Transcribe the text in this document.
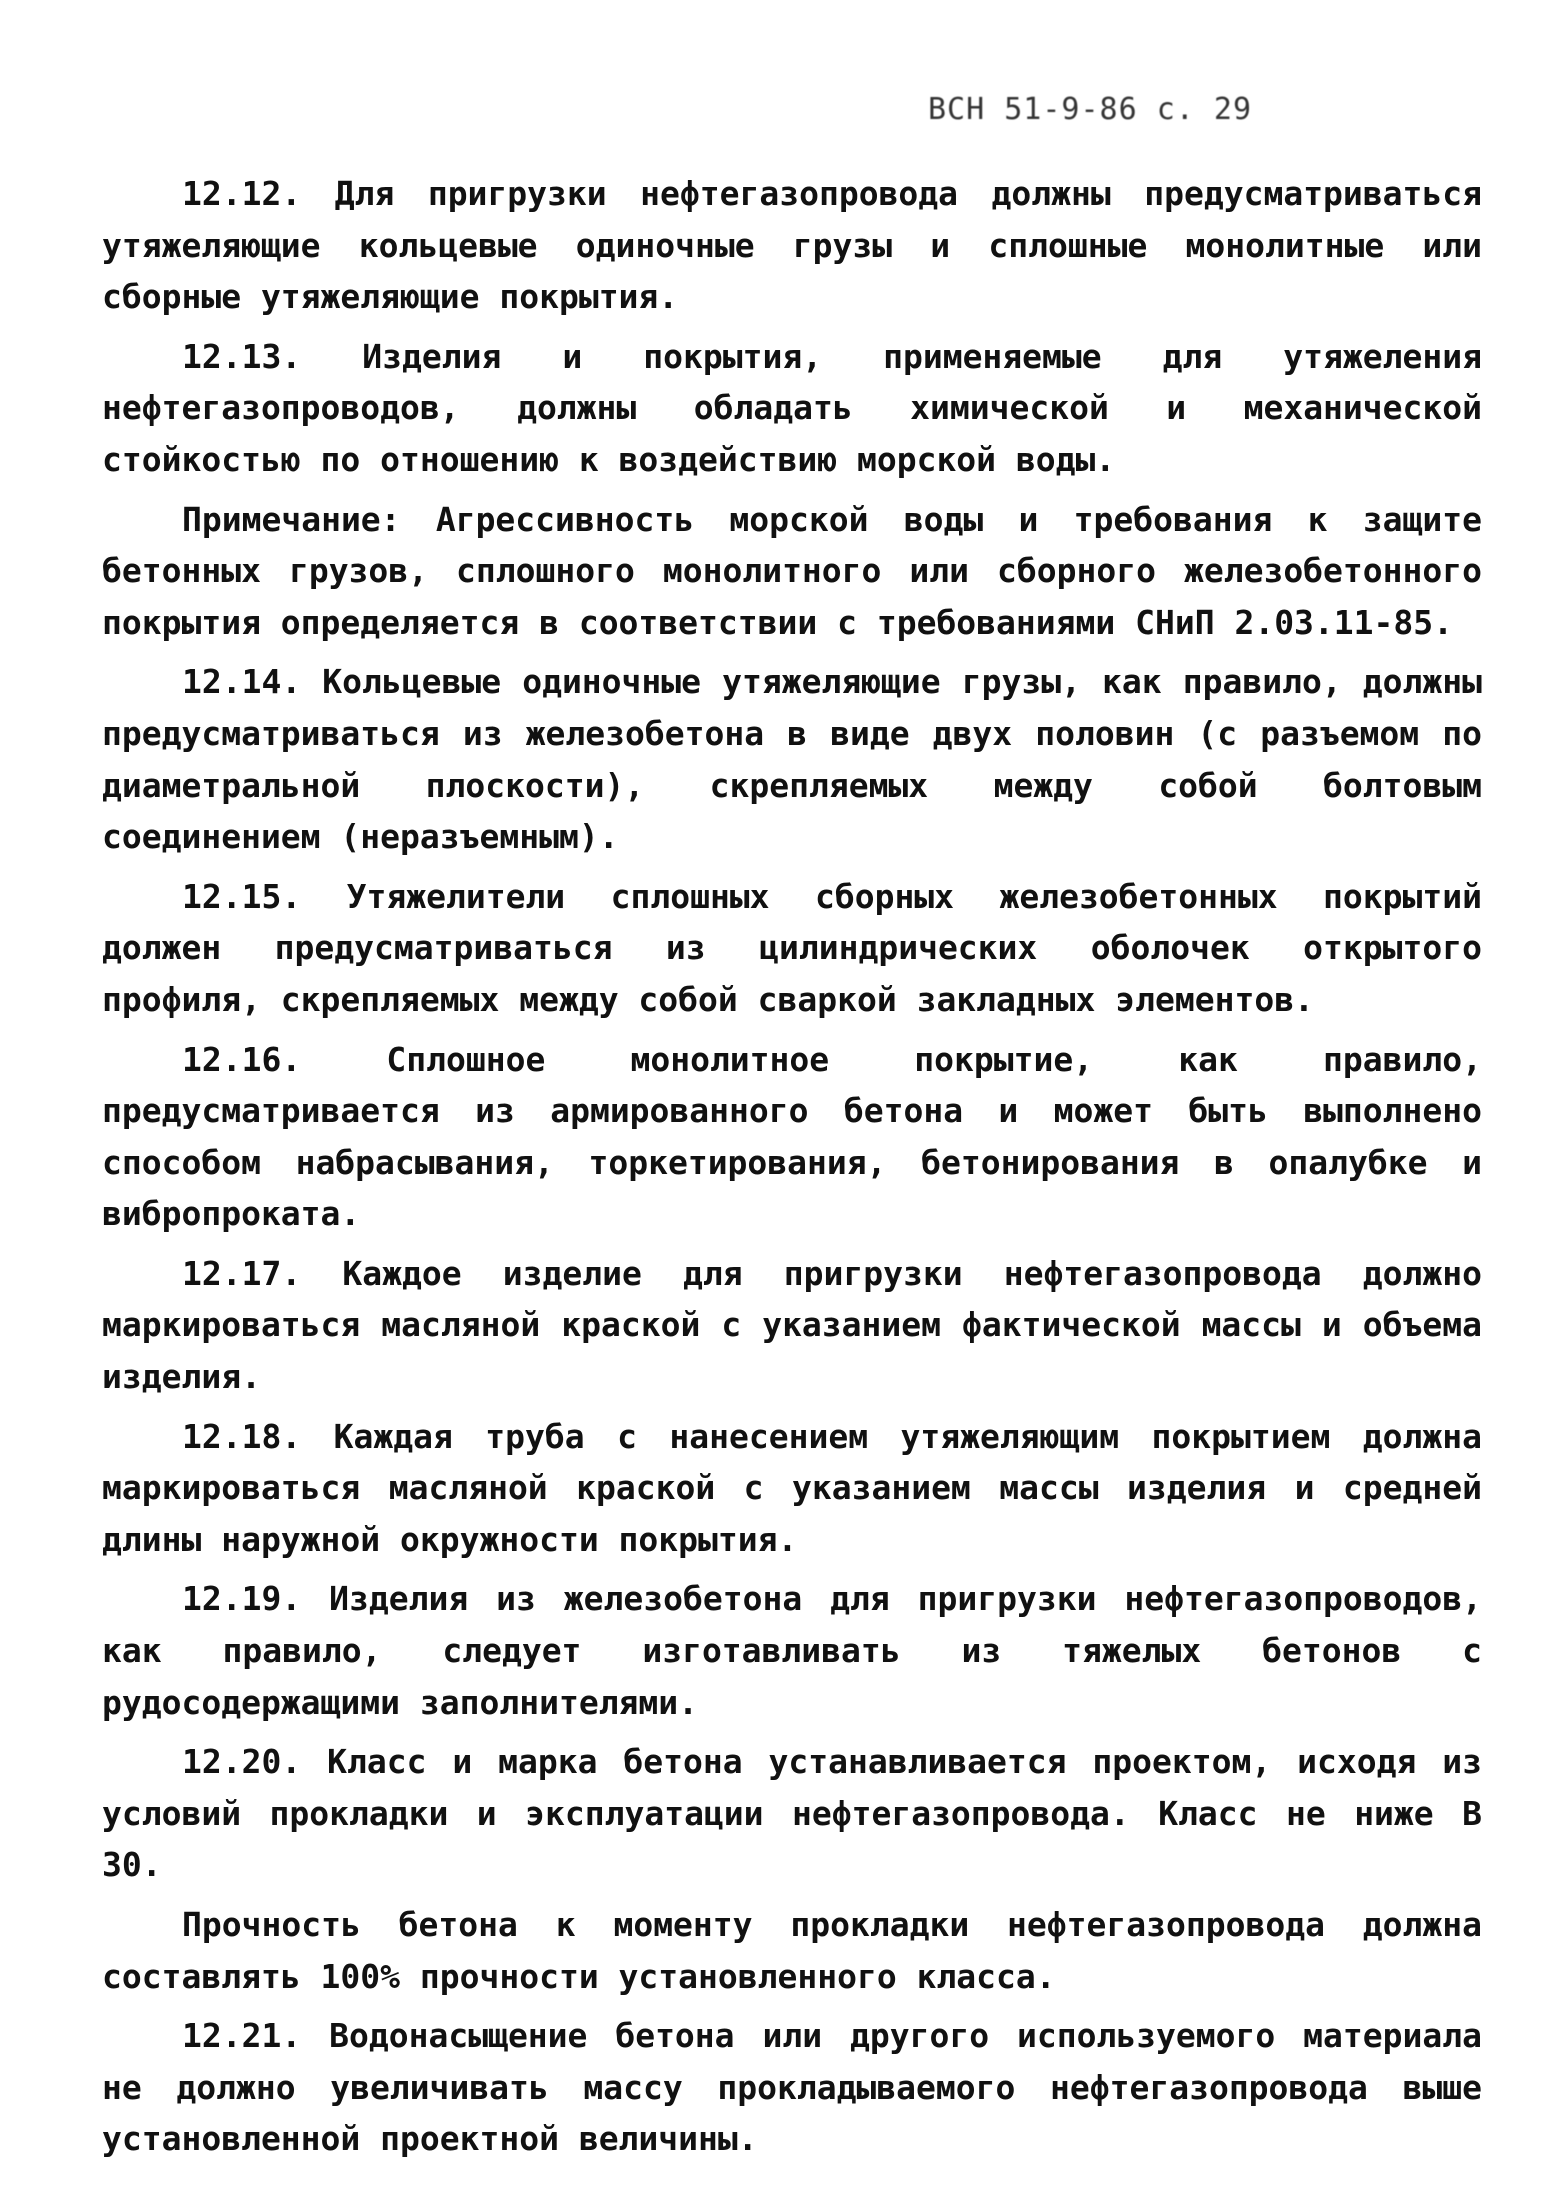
ВСН 51-9-86 с. 29

12.12. Для пригрузки нефтегазопровода должны предусматриваться утяжеляющие кольцевые одиночные грузы и сплошные монолитные или сборные утяжеляющие покрытия.

12.13. Изделия и покрытия, применяемые для утяжеления нефтегазопроводов, должны обладать химической и механической стойкостью по отношению к воздействию морской воды.

Примечание: Агрессивность морской воды и требования к защите бетонных грузов, сплошного монолитного или сборного железобетонного покрытия определяется в соответствии с требованиями СНиП 2.03.11-85.

12.14. Кольцевые одиночные утяжеляющие грузы, как правило, должны предусматриваться из железобетона в виде двух половин (с разъемом по диаметральной плоскости), скрепляемых между собой болтовым соединением (неразъемным).

12.15. Утяжелители сплошных сборных железобетонных покрытий должен предусматриваться из цилиндрических оболочек открытого профиля, скрепляемых между собой сваркой закладных элементов.

12.16. Сплошное монолитное покрытие, как правило, предусматривается из армированного бетона и может быть выполнено способом набрасывания, торкетирования, бетонирования в опалубке и вибропроката.

12.17. Каждое изделие для пригрузки нефтегазопровода должно маркироваться масляной краской с указанием фактической массы и объема изделия.

12.18. Каждая труба с нанесением утяжеляющим покрытием должна маркироваться масляной краской с указанием массы изделия и средней длины наружной окружности покрытия.

12.19. Изделия из железобетона для пригрузки нефтегазопроводов, как правило, следует изготавливать из тяжелых бетонов с рудосодержащими заполнителями.

12.20. Класс и марка бетона устанавливается проектом, исходя из условий прокладки и эксплуатации нефтегазопровода. Класс не ниже В 30.

Прочность бетона к моменту прокладки нефтегазопровода должна составлять 100% прочности установленного класса.

12.21. Водонасыщение бетона или другого используемого материала не должно увеличивать массу прокладываемого нефтегазопровода выше установленной проектной величины.
